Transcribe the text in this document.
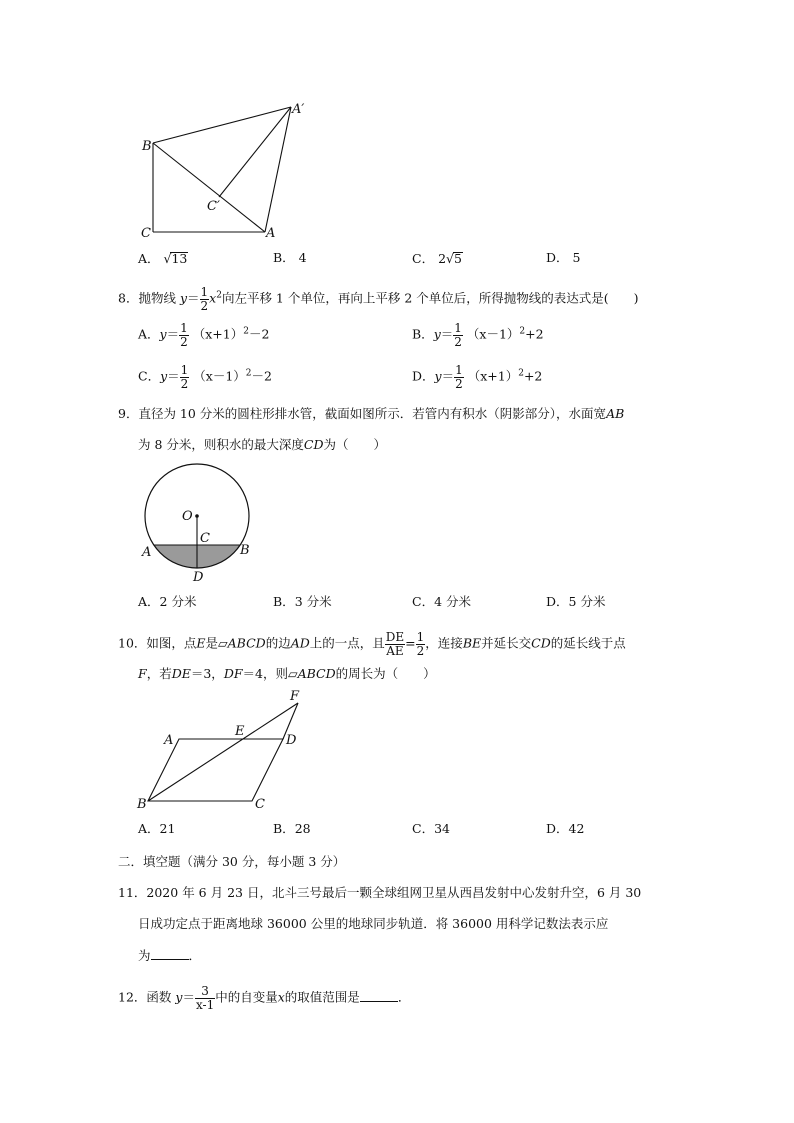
A′
B
C′
C	A
A． √13	B． 4	C． 2√5	D． 5
8．抛物线 $y= \frac{1}{2} x^2$向左平移 1 个单位，再向上平移 2 个单位后，所得抛物线的表达式是(　　)
A．$y= \frac{1}{2} (x+1)^2-2$	B．$y= \frac{1}{2} (x-1)^2+2$
C．$y= \frac{1}{2} (x-1)^2-2$	D．$y= \frac{1}{2} (x+1)^2+2$
9．直径为 10 分米的圆柱形排水管，截面如图所示．若管内有积水（阴影部分），水面宽AB
为 8 分米，则积水的最大深度CD为（　　）
O
C
A	B
D
A．2 分米	B．3 分米	C．4 分米	D．5 分米
10．如图，点E是▱ABCD的边AD上的一点，且 $\frac{DE}{AE} = \frac{1}{2}$ ，连接BE并延长交CD的延长线于点
F，若DE＝3，DF＝4，则▱ABCD的周长为（　　）
F
A
E
D
B	C
A．21	B．28	C．34	D．42
二．填空题（满分 30 分，每小题 3 分）
11．2020 年 6 月 23 日，北斗三号最后一颗全球组网卫星从西昌发射中心发射升空，6 月 30
日成功定点于距离地球 36000 公里的地球同步轨道．将 36000 用科学记数法表示应
为	．
12．函数 $y= \frac{3}{x-1}$ 中的自变量x的取值范围是	．
